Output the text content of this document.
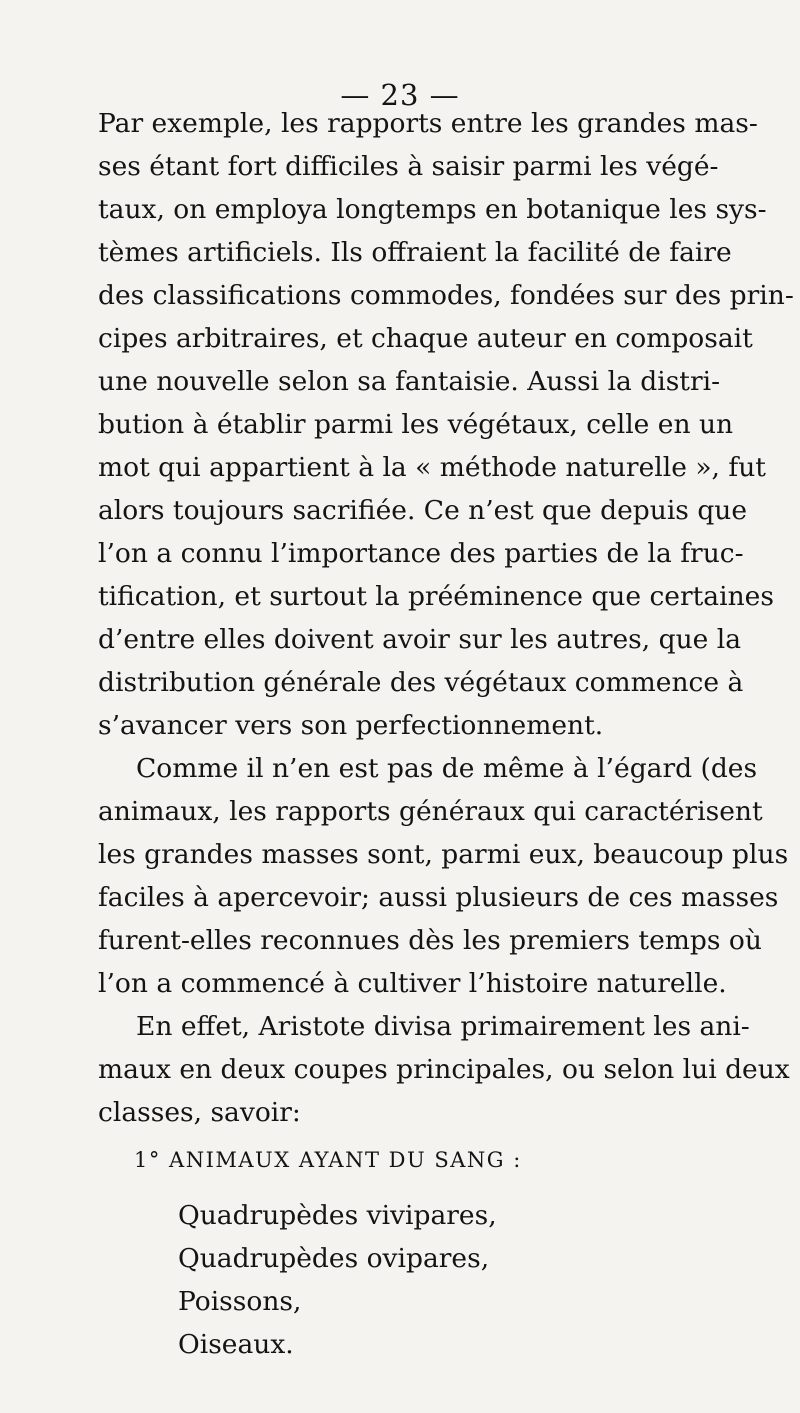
— 23 —
Par exemple, les rapports entre les grandes mas-
ses étant fort difficiles à saisir parmi les végé-
taux, on employa longtemps en botanique les sys-
tèmes artificiels. Ils offraient la facilité de faire
des classifications commodes, fondées sur des prin-
cipes arbitraires, et chaque auteur en composait
une nouvelle selon sa fantaisie. Aussi la distri-
bution à établir parmi les végétaux, celle en un
mot qui appartient à la « méthode naturelle », fut
alors toujours sacrifiée. Ce n’est que depuis que
l’on a connu l’importance des parties de la fruc-
tification, et surtout la prééminence que certaines
d’entre elles doivent avoir sur les autres, que la
distribution générale des végétaux commence à
s’avancer vers son perfectionnement.
Comme il n’en est pas de même à l’égard (des
animaux, les rapports généraux qui caractérisent
les grandes masses sont, parmi eux, beaucoup plus
faciles à apercevoir; aussi plusieurs de ces masses
furent-elles reconnues dès les premiers temps où
l’on a commencé à cultiver l’histoire naturelle.
En effet, Aristote divisa primairement les ani-
maux en deux coupes principales, ou selon lui deux
classes, savoir:
1° ANIMAUX AYANT DU SANG :
Quadrupèdes vivipares,
Quadrupèdes ovipares,
Poissons,
Oiseaux.
